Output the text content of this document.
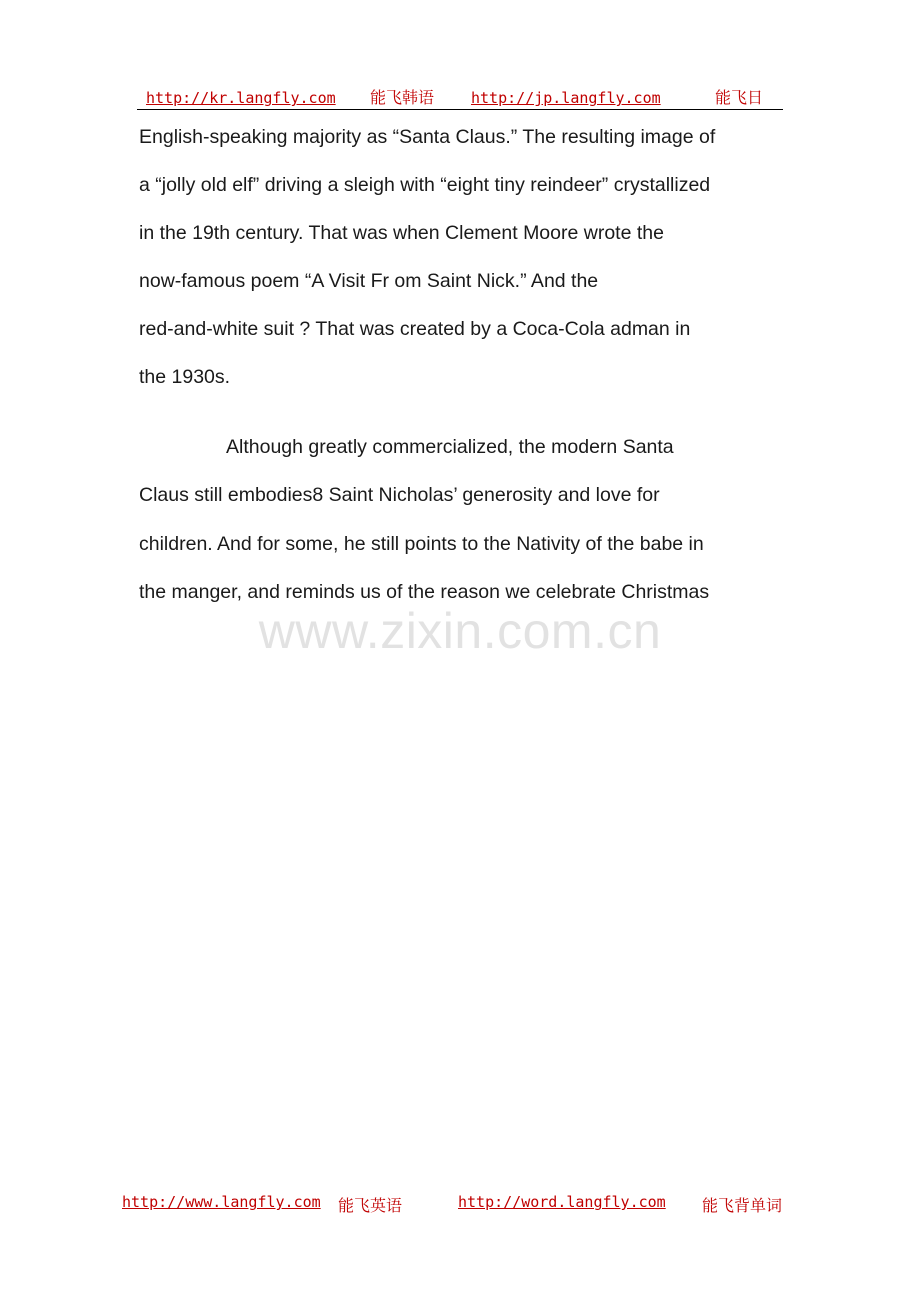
http://kr.langfly.com 能飞韩语 http://jp.langfly.com	能飞日
English-speaking majority as “Santa Claus.” The resulting image of
a “jolly old elf” driving a sleigh with “eight tiny reindeer” crystallized
in the 19th century. That was when Clement Moore wrote the
now-famous poem “A Visit Fr om Saint Nick.” And the
red-and-white suit ? That was created by a Coca-Cola adman in
the 1930s.
Although greatly commercialized, the modern Santa
Claus still embodies8 Saint Nicholas’ generosity and love for
children. And for some, he still points to the Nativity of the babe in
the manger, and reminds us of the reason we celebrate Christmas
www.zixin.com.cn
http://www.langfly.com 能飞英语	http://word.langfly.com 能飞背单词
